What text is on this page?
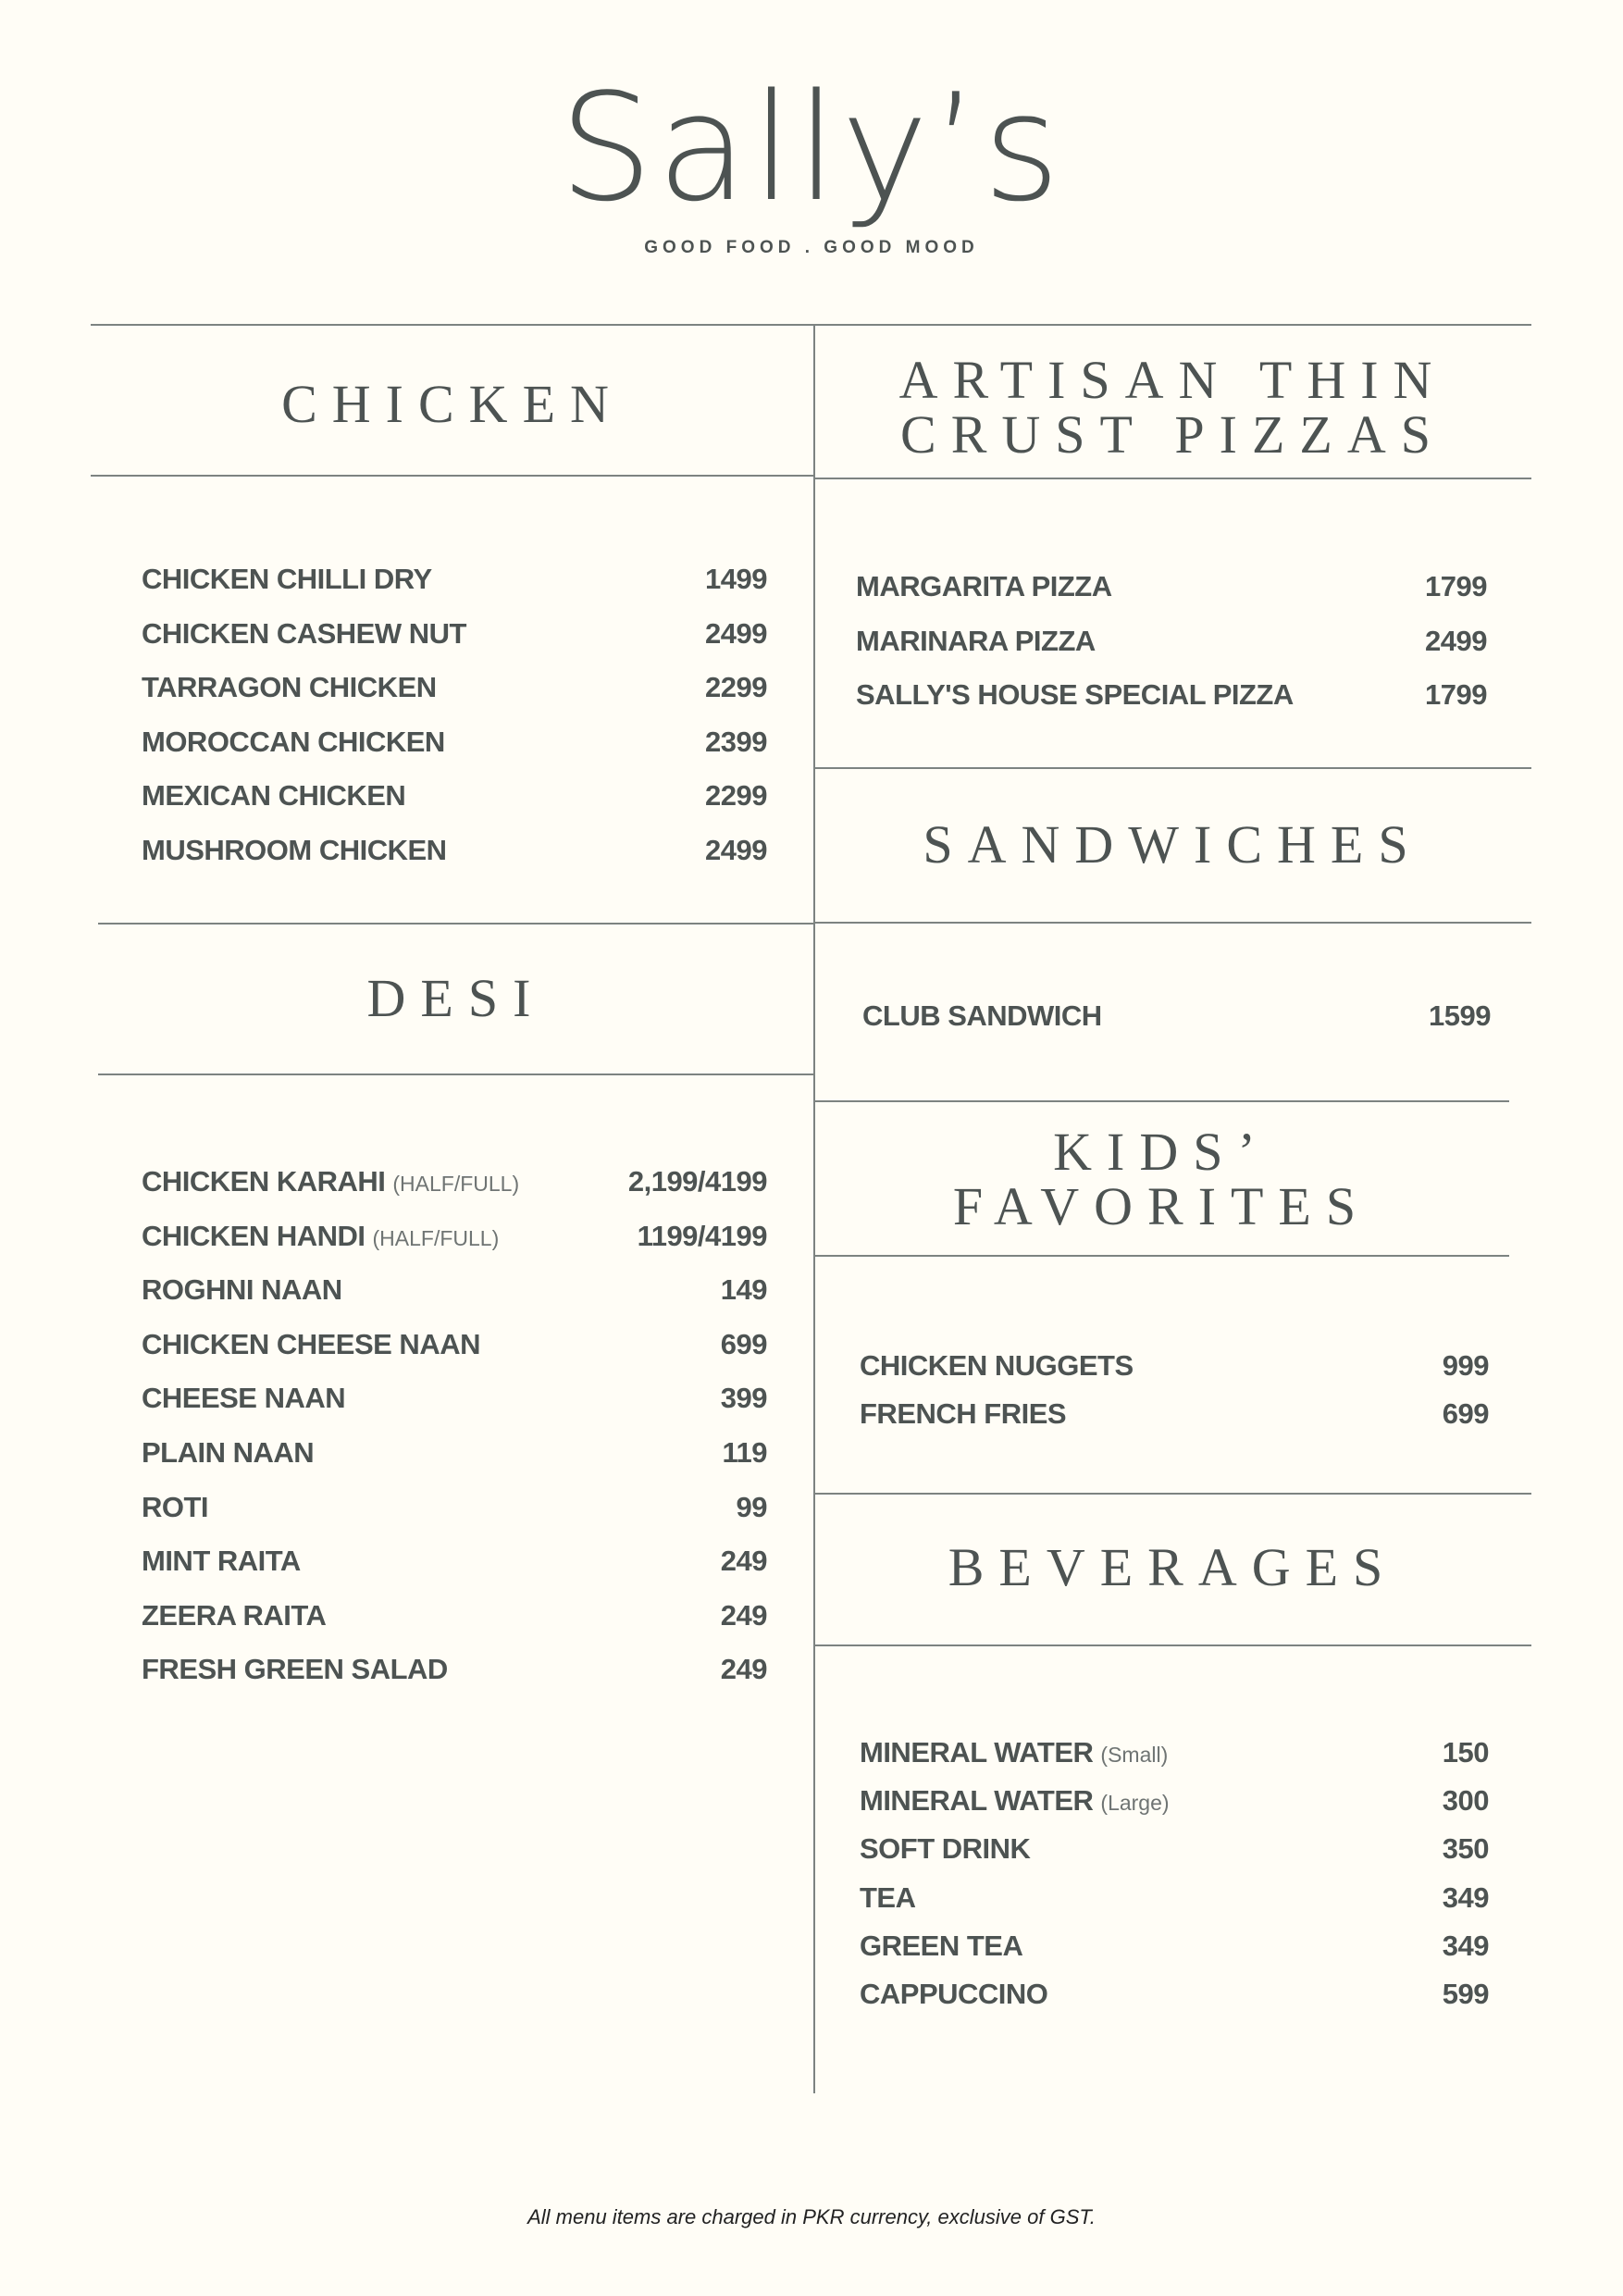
Sally’s
GOOD FOOD . GOOD MOOD
CHICKEN
CHICKEN CHILLI DRY	1499
CHICKEN CASHEW NUT	2499
TARRAGON CHICKEN	2299
MOROCCAN CHICKEN	2399
MEXICAN CHICKEN	2299
MUSHROOM CHICKEN	2499
DESI
CHICKEN KARAHI (HALF/FULL)	2,199/4199
CHICKEN HANDI (HALF/FULL)	1199/4199
ROGHNI NAAN	149
CHICKEN CHEESE NAAN	699
CHEESE NAAN	399
PLAIN NAAN	119
ROTI	99
MINT RAITA	249
ZEERA RAITA	249
FRESH GREEN SALAD	249
ARTISAN THIN
CRUST PIZZAS
MARGARITA PIZZA	1799
MARINARA PIZZA	2499
SALLY'S HOUSE SPECIAL PIZZA	1799
SANDWICHES
CLUB SANDWICH	1599
KIDS’
FAVORITES
CHICKEN NUGGETS	999
FRENCH FRIES	699
BEVERAGES
MINERAL WATER (Small)	150
MINERAL WATER (Large)	300
SOFT DRINK	350
TEA	349
GREEN TEA	349
CAPPUCCINO	599
All menu items are charged in PKR currency, exclusive of GST.
